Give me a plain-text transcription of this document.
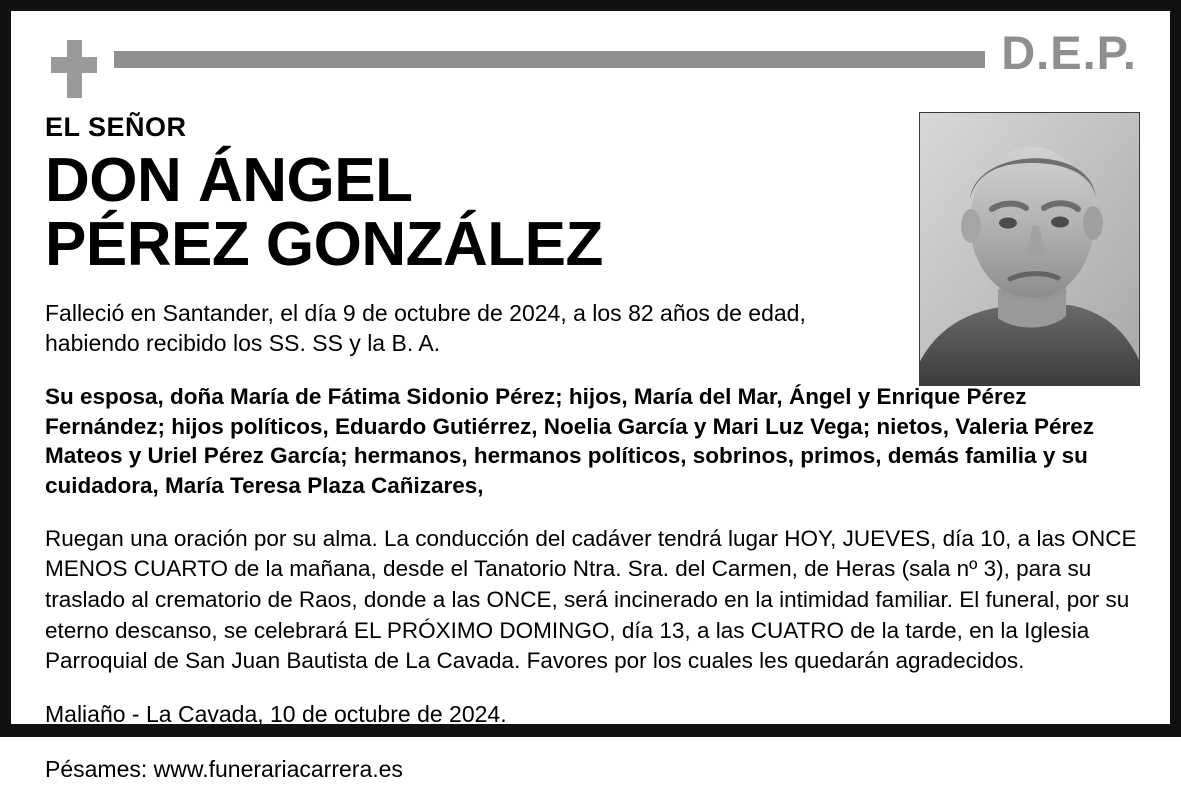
D.E.P.

EL SEÑOR

DON ÁNGEL
PÉREZ GONZÁLEZ

Falleció en Santander, el día 9 de octubre de 2024, a los 82 años de edad, habiendo recibido los SS. SS y la B. A.

Su esposa, doña María de Fátima Sidonio Pérez; hijos, María del Mar, Ángel y Enrique Pérez Fernández; hijos políticos, Eduardo Gutiérrez, Noelia García y Mari Luz Vega; nietos, Valeria Pérez Mateos y Uriel Pérez García; hermanos, hermanos políticos, sobrinos, primos, demás familia y su cuidadora, María Teresa Plaza Cañizares,

Ruegan una oración por su alma. La conducción del cadáver tendrá lugar HOY, JUEVES, día 10, a las ONCE MENOS CUARTO de la mañana, desde el Tanatorio Ntra. Sra. del Carmen, de Heras (sala nº 3), para su traslado al crematorio de Raos, donde a las ONCE, será incinerado en la intimidad familiar. El funeral, por su eterno descanso, se celebrará EL PRÓXIMO DOMINGO, día 13, a las CUATRO de la tarde, en la Iglesia Parroquial de San Juan Bautista de La Cavada. Favores por los cuales les quedarán agradecidos.

Maliaño - La Cavada, 10 de octubre de 2024.

Pésames: www.funerariacarrera.es
